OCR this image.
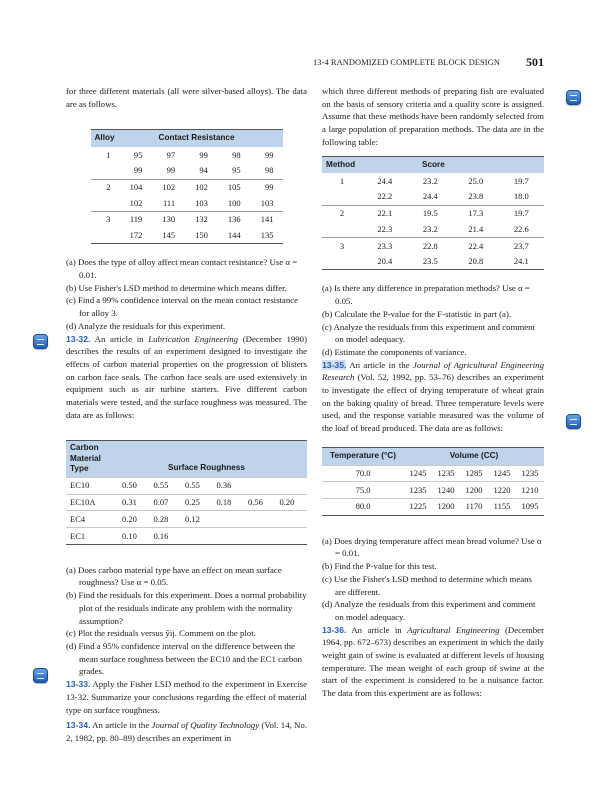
13-4 RANDOMIZED COMPLETE BLOCK DESIGN 501

for three different materials (all were silver-based alloys). The data are as follows.

Alloy	Contact Resistance				
1	95	97	99	98	99
	99	99	94	95	98
2	104	102	102	105	99
	102	111	103	100	103
3	119	130	132	136	141
	172	145	150	144	135
(a) Does the type of alloy affect mean contact resistance? Use α = 0.01.
(b) Use Fisher's LSD method to determine which means differ.
(c) Find a 99% confidence interval on the mean contact resistance for alloy 3.
(d) Analyze the residuals for this experiment.

13-32. An article in Lubrication Engineering (December 1990) describes the results of an experiment designed to investigate the effects of carbon material properties on the progression of blisters on carbon face seals. The carbon face seals are used extensively in equipment such as air turbine starters. Five different carbon materials were tested, and the surface roughness was measured. The data are as follows:

Carbon
Material
Type	Surface Roughness					
EC10	0.50	0.55	0.55	0.36		
EC10A	0.31	0.07	0.25	0.18	0.56	0.20
EC4	0.20	0.28	0.12			
EC1	0.10	0.16				
(a) Does carbon material type have an effect on mean surface roughness? Use α = 0.05.
(b) Find the residuals for this experiment. Does a normal probability plot of the residuals indicate any problem with the normality assumption?
(c) Plot the residuals versus ŷij. Comment on the plot.
(d) Find a 95% confidence interval on the difference between the mean surface roughness between the EC10 and the EC1 carbon grades.

13-33. Apply the Fisher LSD method to the experiment in Exercise 13-32. Summarize your conclusions regarding the effect of material type on surface roughness.

13-34. An article in the Journal of Quality Technology (Vol. 14, No. 2, 1982, pp. 80–89) describes an experiment in

which three different methods of preparing fish are evaluated on the basis of sensory criteria and a quality score is assigned. Assume that these methods have been randomly selected from a large population of preparation methods. The data are in the following table:

Method	Score			
1	24.4	23.2	25.0	19.7
	22.2	24.4	23.8	18.0
2	22.1	19.5	17.3	19.7
	22.3	23.2	21.4	22.6
3	23.3	22.8	22.4	23.7
	20.4	23.5	20.8	24.1
(a) Is there any difference in preparation methods? Use α = 0.05.
(b) Calculate the P-value for the F-statistic in part (a).
(c) Analyze the residuals from this experiment and comment on model adequacy.
(d) Estimate the components of variance.

13-35. An article in the Journal of Agricultural Engineering Research (Vol. 52, 1992, pp. 53–76) describes an experiment to investigate the effect of drying temperature of wheat grain on the baking quality of bread. Three temperature levels were used, and the response variable measured was the volume of the loaf of bread produced. The data are as follows:

Temperature (°C)	Volume (CC)				
70.0	1245	1235	1285	1245	1235
75.0	1235	1240	1200	1220	1210
80.0	1225	1200	1170	1155	1095
(a) Does drying temperature affect mean bread volume? Use α = 0.01.
(b) Find the P-value for this test.
(c) Use the Fisher's LSD method to determine which means are different.
(d) Analyze the residuals from this experiment and comment on model adequacy.

13-36. An article in Agricultural Engineering (December 1964, pp. 672–673) describes an experiment in which the daily weight gain of swine is evaluated at different levels of housing temperature. The mean weight of each group of swine at the start of the experiment is considered to be a nuisance factor. The data from this experiment are as follows:
